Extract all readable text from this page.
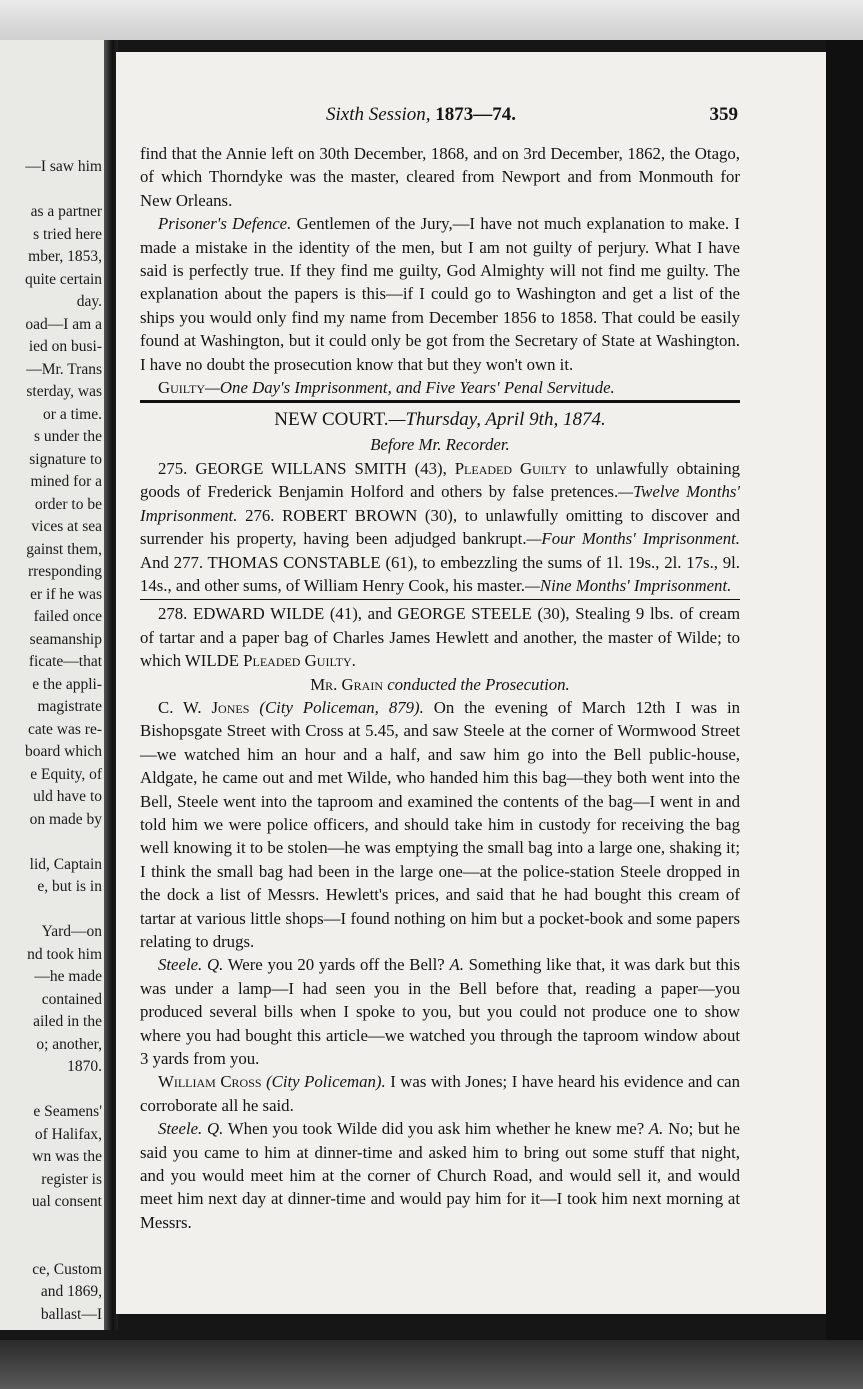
—I saw him
as a partner
s tried here
mber, 1853,
quite certain
day.
oad—I am a
ied on busi-
—Mr. Trans
sterday, was
or a time.
s under the
signature to
mined for a
order to be
vices at sea
gainst them,
rresponding
er if he was
failed once
seamanship
ficate—that
e the appli-
magistrate
cate was re-
board which
e Equity, of
uld have to
on made by
lid, Captain
e, but is in
Yard—on
nd took him
—he made
contained
ailed in the
o; another,
1870.
e Seamens'
of Halifax,
wn was the
register is
ual consent
ce, Custom
and 1869,
ballast—I
Sixth Session, 1873—74.	359

find that the Annie left on 30th December, 1868, and on 3rd December, 1862, the Otago, of which Thorndyke was the master, cleared from Newport and from Monmouth for New Orleans.

Prisoner's Defence. Gentlemen of the Jury,—I have not much explanation to make. I made a mistake in the identity of the men, but I am not guilty of perjury. What I have said is perfectly true. If they find me guilty, God Almighty will not find me guilty. The explanation about the papers is this—if I could go to Washington and get a list of the ships you would only find my name from December 1856 to 1858. That could be easily found at Washington, but it could only be got from the Secretary of State at Washington. I have no doubt the prosecution know that but they won't own it.

Guilty—One Day's Imprisonment, and Five Years' Penal Servitude.

NEW COURT.—Thursday, April 9th, 1874.

Before Mr. Recorder.

275. GEORGE WILLANS SMITH (43), Pleaded Guilty to unlawfully obtaining goods of Frederick Benjamin Holford and others by false pretences.—Twelve Months' Imprisonment. 276. ROBERT BROWN (30), to unlawfully omitting to discover and surrender his property, having been adjudged bankrupt.—Four Months' Imprisonment. And 277. THOMAS CONSTABLE (61), to embezzling the sums of 1l. 19s., 2l. 17s., 9l. 14s., and other sums, of William Henry Cook, his master.—Nine Months' Imprisonment.

278. EDWARD WILDE (41), and GEORGE STEELE (30), Stealing 9 lbs. of cream of tartar and a paper bag of Charles James Hewlett and another, the master of Wilde; to which WILDE Pleaded Guilty.

Mr. Grain conducted the Prosecution.

C. W. Jones (City Policeman, 879). On the evening of March 12th I was in Bishopsgate Street with Cross at 5.45, and saw Steele at the corner of Wormwood Street—we watched him an hour and a half, and saw him go into the Bell public-house, Aldgate, he came out and met Wilde, who handed him this bag—they both went into the Bell, Steele went into the taproom and examined the contents of the bag—I went in and told him we were police officers, and should take him in custody for receiving the bag well knowing it to be stolen—he was emptying the small bag into a large one, shaking it; I think the small bag had been in the large one—at the police-station Steele dropped in the dock a list of Messrs. Hewlett's prices, and said that he had bought this cream of tartar at various little shops—I found nothing on him but a pocket-book and some papers relating to drugs.

Steele. Q. Were you 20 yards off the Bell? A. Something like that, it was dark but this was under a lamp—I had seen you in the Bell before that, reading a paper—you produced several bills when I spoke to you, but you could not produce one to show where you had bought this article—we watched you through the taproom window about 3 yards from you.

William Cross (City Policeman). I was with Jones; I have heard his evidence and can corroborate all he said.

Steele. Q. When you took Wilde did you ask him whether he knew me? A. No; but he said you came to him at dinner-time and asked him to bring out some stuff that night, and you would meet him at the corner of Church Road, and would sell it, and would meet him next day at dinner-time and would pay him for it—I took him next morning at Messrs.
